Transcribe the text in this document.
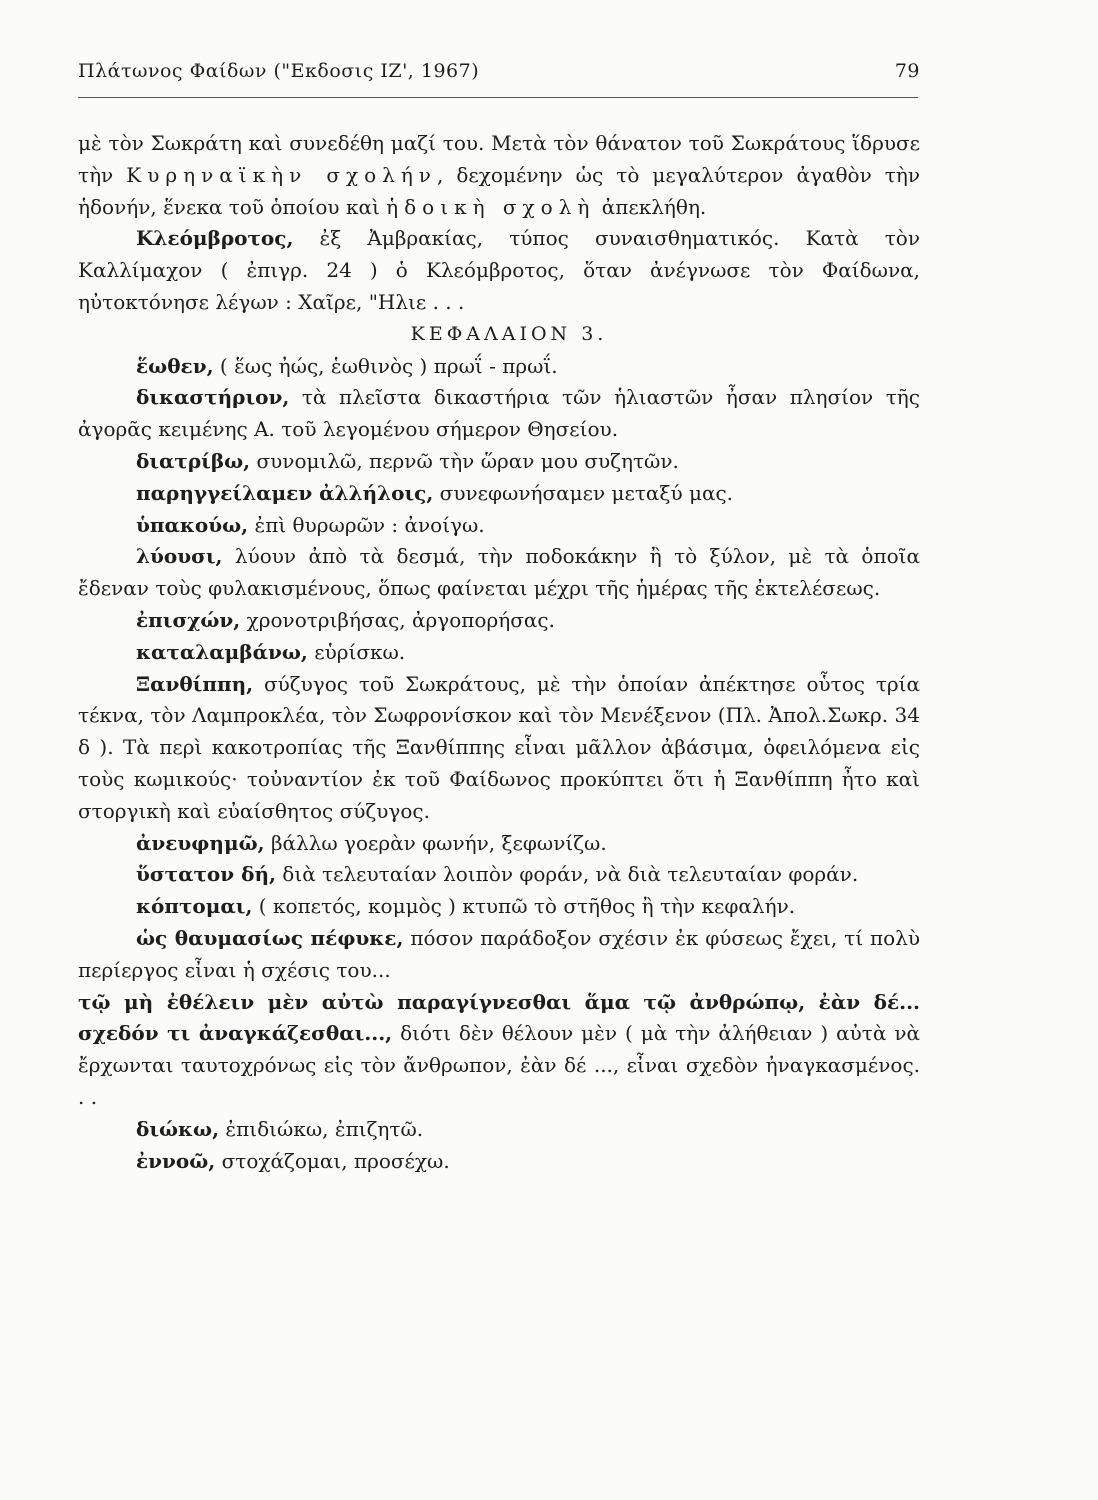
Πλάτωνος Φαίδων ("Εκδοσις ΙΖ', 1967)	79

μὲ τὸν Σωκράτη καὶ συνεδέθη μαζί του. Μετὰ τὸν θάνατον τοῦ Σωκράτους ἵδρυσε τὴν Κυρηναϊκὴν σχολήν, δεχομένην ὡς τὸ μεγαλύτερον ἀγαθὸν τὴν ἡδονήν, ἕνεκα τοῦ ὁποίου καὶ ἡδοικὴ σχολὴ ἀπεκλήθη.

Κλεόμβροτος, ἐξ Ἀμβρακίας, τύπος συναισθηματικός. Κατὰ τὸν Καλλίμαχον ( ἐπιγρ. 24 ) ὁ Κλεόμβροτος, ὅταν ἀνέγνωσε τὸν Φαίδωνα, ηὐτοκτόνησε λέγων : Χαῖρε, "Ηλιε . . .

ΚΕΦΑΛΑΙΟΝ 3.

ἕωθεν, ( ἕως ἠώς, ἑωθινὸς ) πρωΐ - πρωΐ.

δικαστήριον, τὰ πλεῖστα δικαστήρια τῶν ἡλιαστῶν ἦσαν πλησίον τῆς ἀγορᾶς κειμένης Α. τοῦ λεγομένου σήμερον Θησείου.

διατρίβω, συνομιλῶ, περνῶ τὴν ὥραν μου συζητῶν.

παρηγγείλαμεν ἀλλήλοις, συνεφωνήσαμεν μεταξύ μας.

ὑπακούω, ἐπὶ θυρωρῶν : ἀνοίγω.

λύουσι, λύουν ἀπὸ τὰ δεσμά, τὴν ποδοκάκην ἢ τὸ ξύλον, μὲ τὰ ὁποῖα ἔδεναν τοὺς φυλακισμένους, ὅπως φαίνεται μέχρι τῆς ἡμέρας τῆς ἐκτελέσεως.

ἐπισχών, χρονοτριβήσας, ἀργοπορήσας.

καταλαμβάνω, εὑρίσκω.

Ξανθίππη, σύζυγος τοῦ Σωκράτους, μὲ τὴν ὁποίαν ἀπέκτησε οὗτος τρία τέκνα, τὸν Λαμπροκλέα, τὸν Σωφρονίσκον καὶ τὸν Μενέξενον (Πλ. Ἀπολ.Σωκρ. 34 δ ). Τὰ περὶ κακοτροπίας τῆς Ξανθίππης εἶναι μᾶλλον ἀβάσιμα, ὀφειλόμενα εἰς τοὺς κωμικούς· τοὐναντίον ἐκ τοῦ Φαίδωνος προκύπτει ὅτι ἡ Ξανθίππη ἦτο καὶ στοργικὴ καὶ εὐαίσθητος σύζυγος.

ἀνευφημῶ, βάλλω γοερὰν φωνήν, ξεφωνίζω.

ὕστατον δή, διὰ τελευταίαν λοιπὸν φοράν, νὰ διὰ τελευταίαν φοράν.

κόπτομαι, ( κοπετός, κομμὸς ) κτυπῶ τὸ στῆθος ἢ τὴν κεφαλήν.

ὡς θαυμασίως πέφυκε, πόσον παράδοξον σχέσιν ἐκ φύσεως ἔχει, τί πολὺ περίεργος εἶναι ἡ σχέσις του...

τῷ μὴ ἐθέλειν μὲν αὐτὼ παραγίγνεσθαι ἅμα τῷ ἀνθρώπῳ, ἐὰν δέ... σχεδόν τι ἀναγκάζεσθαι..., διότι δὲν θέλουν μὲν ( μὰ τὴν ἀλήθειαν ) αὐτὰ νὰ ἔρχωνται ταυτοχρόνως εἰς τὸν ἄνθρωπον, ἐὰν δέ ..., εἶναι σχεδὸν ἠναγκασμένος. . .

διώκω, ἐπιδιώκω, ἐπιζητῶ.

ἐννοῶ, στοχάζομαι, προσέχω.
